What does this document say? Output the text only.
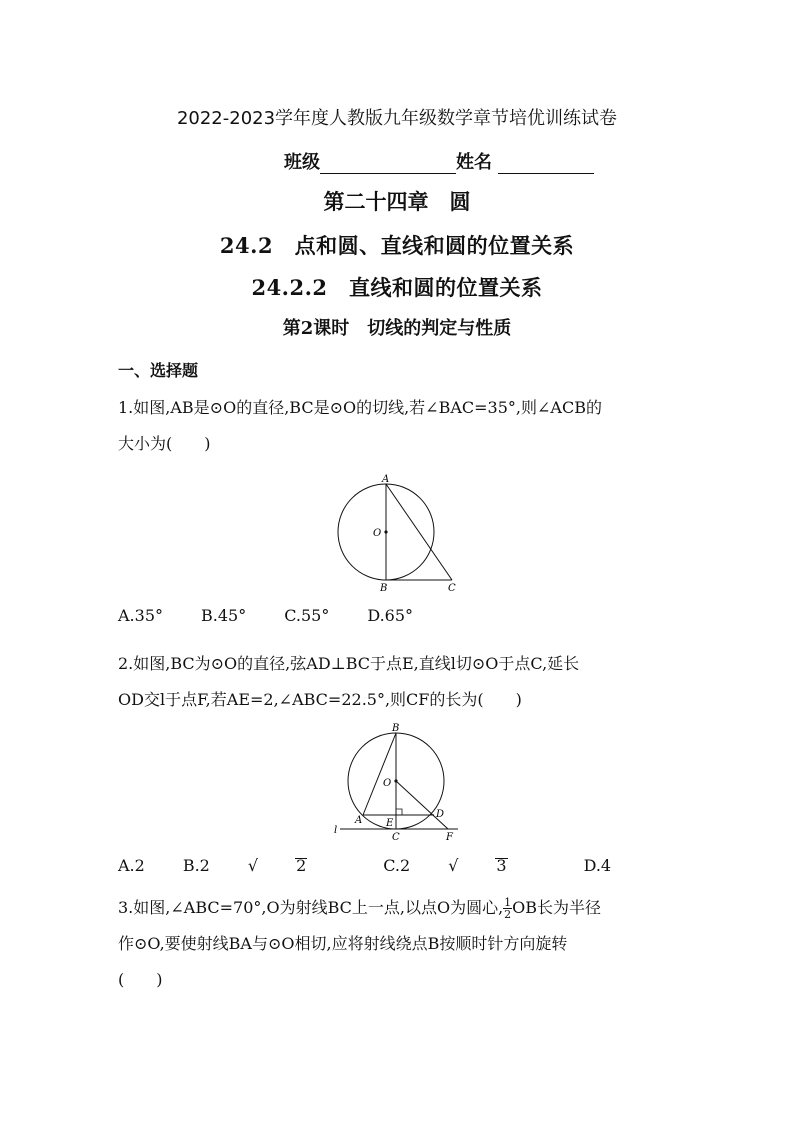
2022-2023学年度人教版九年级数学章节培优训练试卷
班级	姓名
第二十四章　圆
24.2　点和圆、直线和圆的位置关系
24.2.2　直线和圆的位置关系
第2课时　切线的判定与性质
一、选择题
1.如图,AB是⊙O的直径,BC是⊙O的切线,若∠BAC=35°,则∠ACB的
大小为(　　)
A
O
B	C
A.35° B.45° C.55° D.65°
2.如图,BC为⊙O的直径,弦AD⊥BC于点E,直线l切⊙O于点C,延长
OD交l于点F,若AE=2,∠ABC=22.5°,则CF的长为(　　)
B
O
A E
C
D
F
l
A.2 B.2 √ 2	C.2 √ 3	D.4
3.如图,∠ABC=70°,O为射线BC上一点,以点O为圆心, $\frac{1}{2}$ OB长为半径
作⊙O,要使射线BA与⊙O相切,应将射线绕点B按顺时针方向旋转
(　　)
